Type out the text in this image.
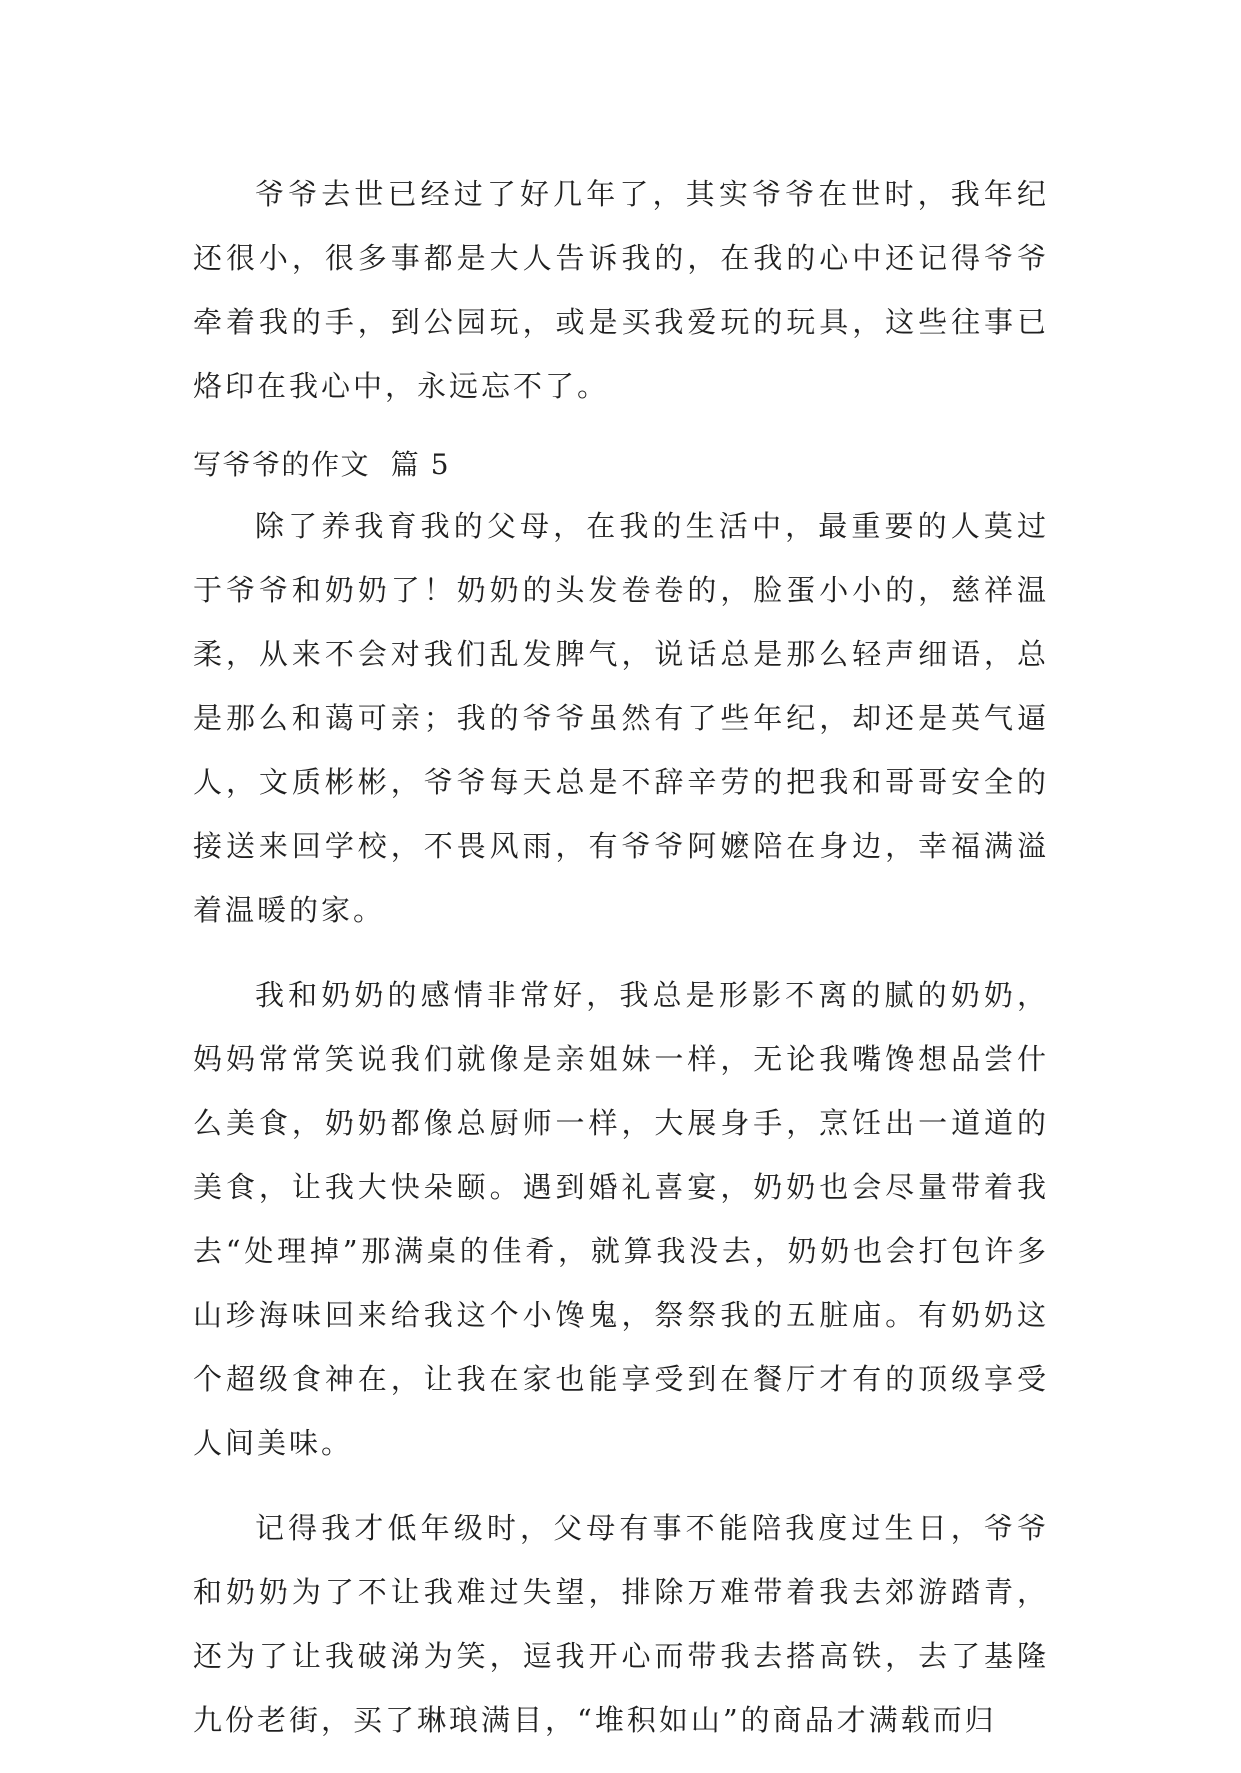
爷爷去世已经过了好几年了，其实爷爷在世时，我年纪还很小，很多事都是大人告诉我的，在我的心中还记得爷爷牵着我的手，到公园玩，或是买我爱玩的玩具，这些往事已烙印在我心中，永远忘不了。

写爷爷的作文  篇 5

除了养我育我的父母，在我的生活中，最重要的人莫过于爷爷和奶奶了！奶奶的头发卷卷的，脸蛋小小的，慈祥温柔，从来不会对我们乱发脾气，说话总是那么轻声细语，总是那么和蔼可亲；我的爷爷虽然有了些年纪，却还是英气逼人，文质彬彬，爷爷每天总是不辞辛劳的把我和哥哥安全的接送来回学校，不畏风雨，有爷爷阿嬷陪在身边，幸福满溢着温暖的家。

我和奶奶的感情非常好，我总是形影不离的腻的奶奶，妈妈常常笑说我们就像是亲姐妹一样，无论我嘴馋想品尝什么美食，奶奶都像总厨师一样，大展身手，烹饪出一道道的美食，让我大快朵颐。遇到婚礼喜宴，奶奶也会尽量带着我去“处理掉”那满桌的佳肴，就算我没去，奶奶也会打包许多山珍海味回来给我这个小馋鬼，祭祭我的五脏庙。有奶奶这个超级食神在，让我在家也能享受到在餐厅才有的顶级享受人间美味。

记得我才低年级时，父母有事不能陪我度过生日，爷爷和奶奶为了不让我难过失望，排除万难带着我去郊游踏青，还为了让我破涕为笑，逗我开心而带我去搭高铁，去了基隆九份老街，买了琳琅满目，“堆积如山”的商品才满载而归
